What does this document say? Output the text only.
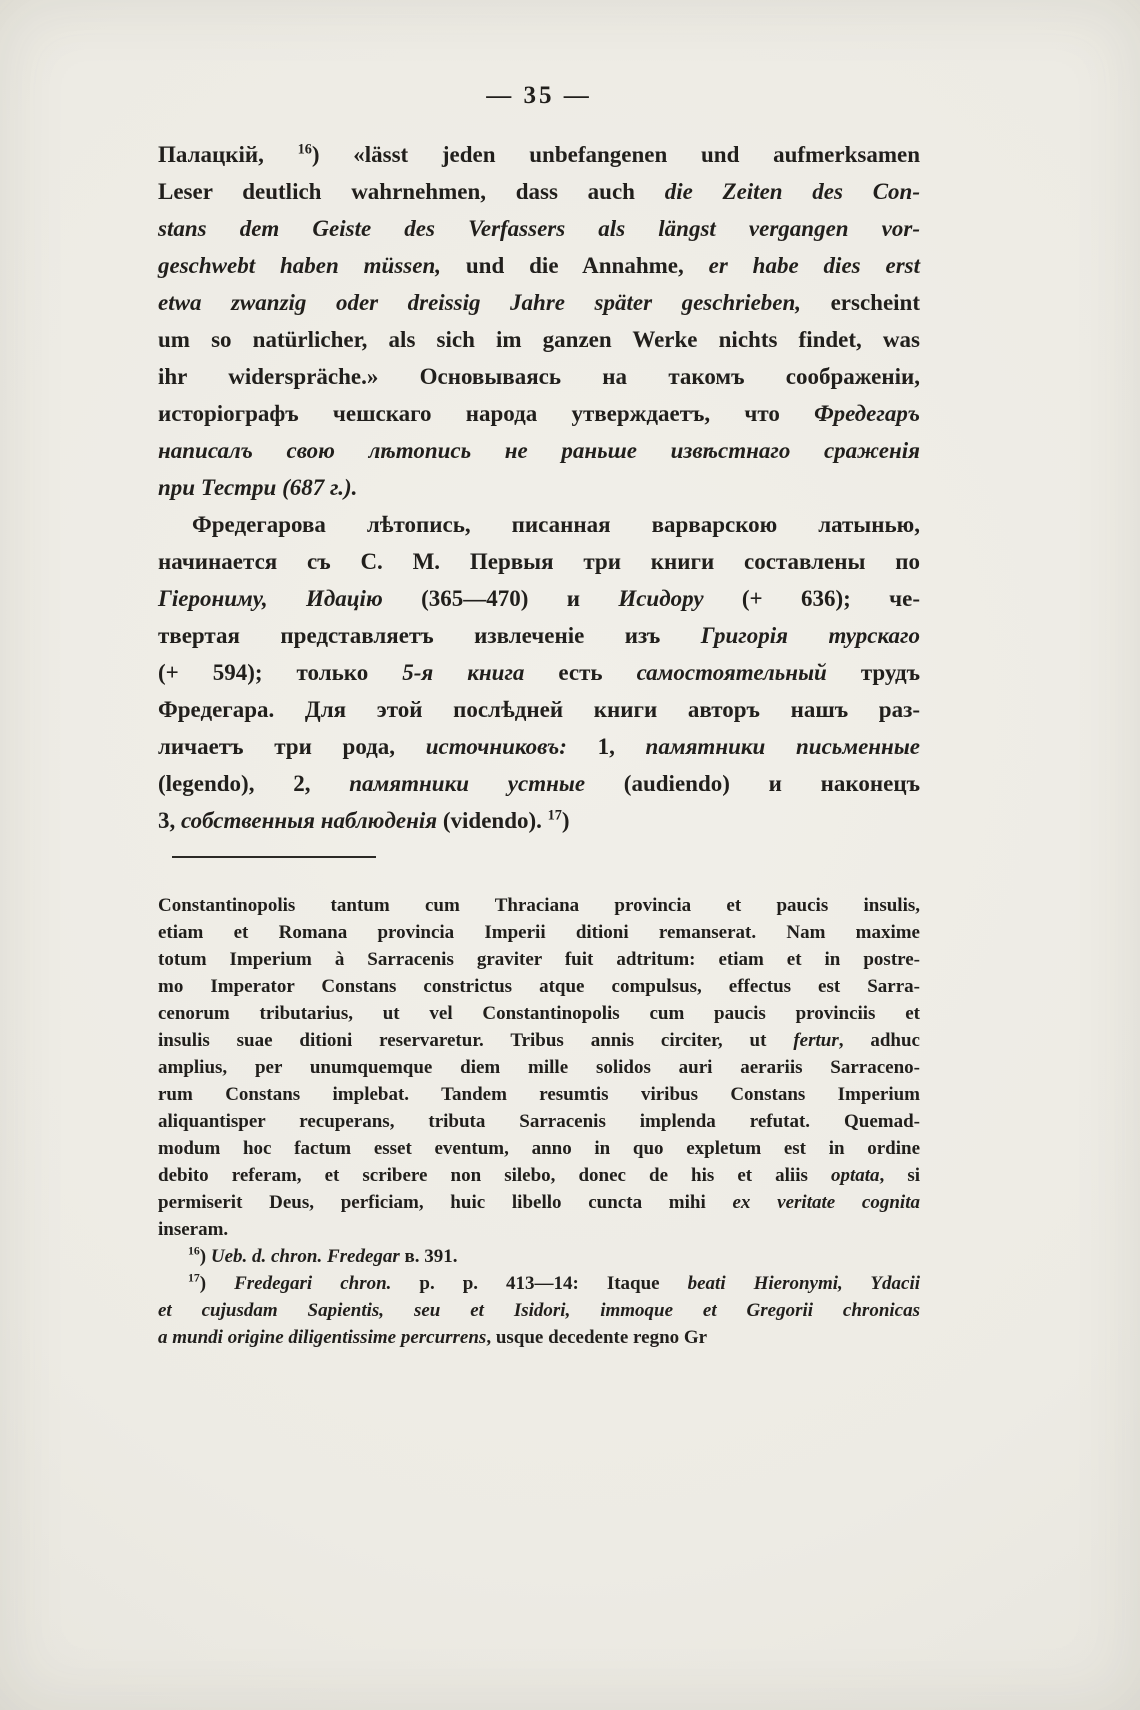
— 35 —
Палацкій, $^{16}$) «lässt jeden unbefangenen und aufmerksamen
Leser deutlich wahrnehmen, dass auch die Zeiten des Con-
stans dem Geiste des Verfassers als längst vergangen vor-
geschwebt haben müssen, und die Annahme, er habe dies erst
etwa zwanzig oder dreissig Jahre später geschrieben, erscheint
um so natürlicher, als sich im ganzen Werke nichts findet, was
ihr widerspräche.» Основываясь на такомъ соображеніи,
исторіографъ чешскаго народа утверждаетъ, что Фредегаръ
написалъ свою лѣтопись не раньше извѣстнаго сраженія
при Тестри (687 г.).
Фредегарова лѣтопись, писанная варварскою латынью,
начинается съ С. М. Первыя три книги составлены по
Гіерониму, Идацію (365—470) и Исидору (+ 636); че-
твертая представляетъ извлеченіе изъ Григорія турскаго
(+ 594); только 5-я книга есть самостоятельный трудъ
Фредегара. Для этой послѣдней книги авторъ нашъ раз-
личаетъ три рода, источниковъ: 1, памятники письменные
(legendo), 2, памятники устные (audiendo) и наконецъ
3, собственныя наблюденія (videndo). $^{17}$)
Constantinopolis tantum cum Thraciana provincia et paucis insulis,
etiam et Romana provincia Imperii ditioni remanserat. Nam maxime
totum Imperium à Sarracenis graviter fuit adtritum: etiam et in postre-
mo Imperator Constans constrictus atque compulsus, effectus est Sarra-
cenorum tributarius, ut vel Constantinopolis cum paucis provinciis et
insulis suae ditioni reservaretur. Tribus annis circiter, ut fertur, adhuc
amplius, per unumquemque diem mille solidos auri aerariis Sarraceno-
rum Constans implebat. Tandem resumtis viribus Constans Imperium
aliquantisper recuperans, tributa Sarracenis implenda refutat. Quemad-
modum hoc factum esset eventum, anno in quo expletum est in ordine
debito referam, et scribere non silebo, donec de his et aliis optata, si
permiserit Deus, perficiam, huic libello cuncta mihi ex veritate cognita
inseram.
$^{16}$) Ueb. d. chron. Fredegar в. 391.
$^{17}$) Fredegari chron. p. p. 413—14: Itaque beati Hieronymi, Ydacii
et cujusdam Sapientis, seu et Isidori, immoque et Gregorii chronicas
a mundi origine diligentissime percurrens, usque decedente regno Gr
